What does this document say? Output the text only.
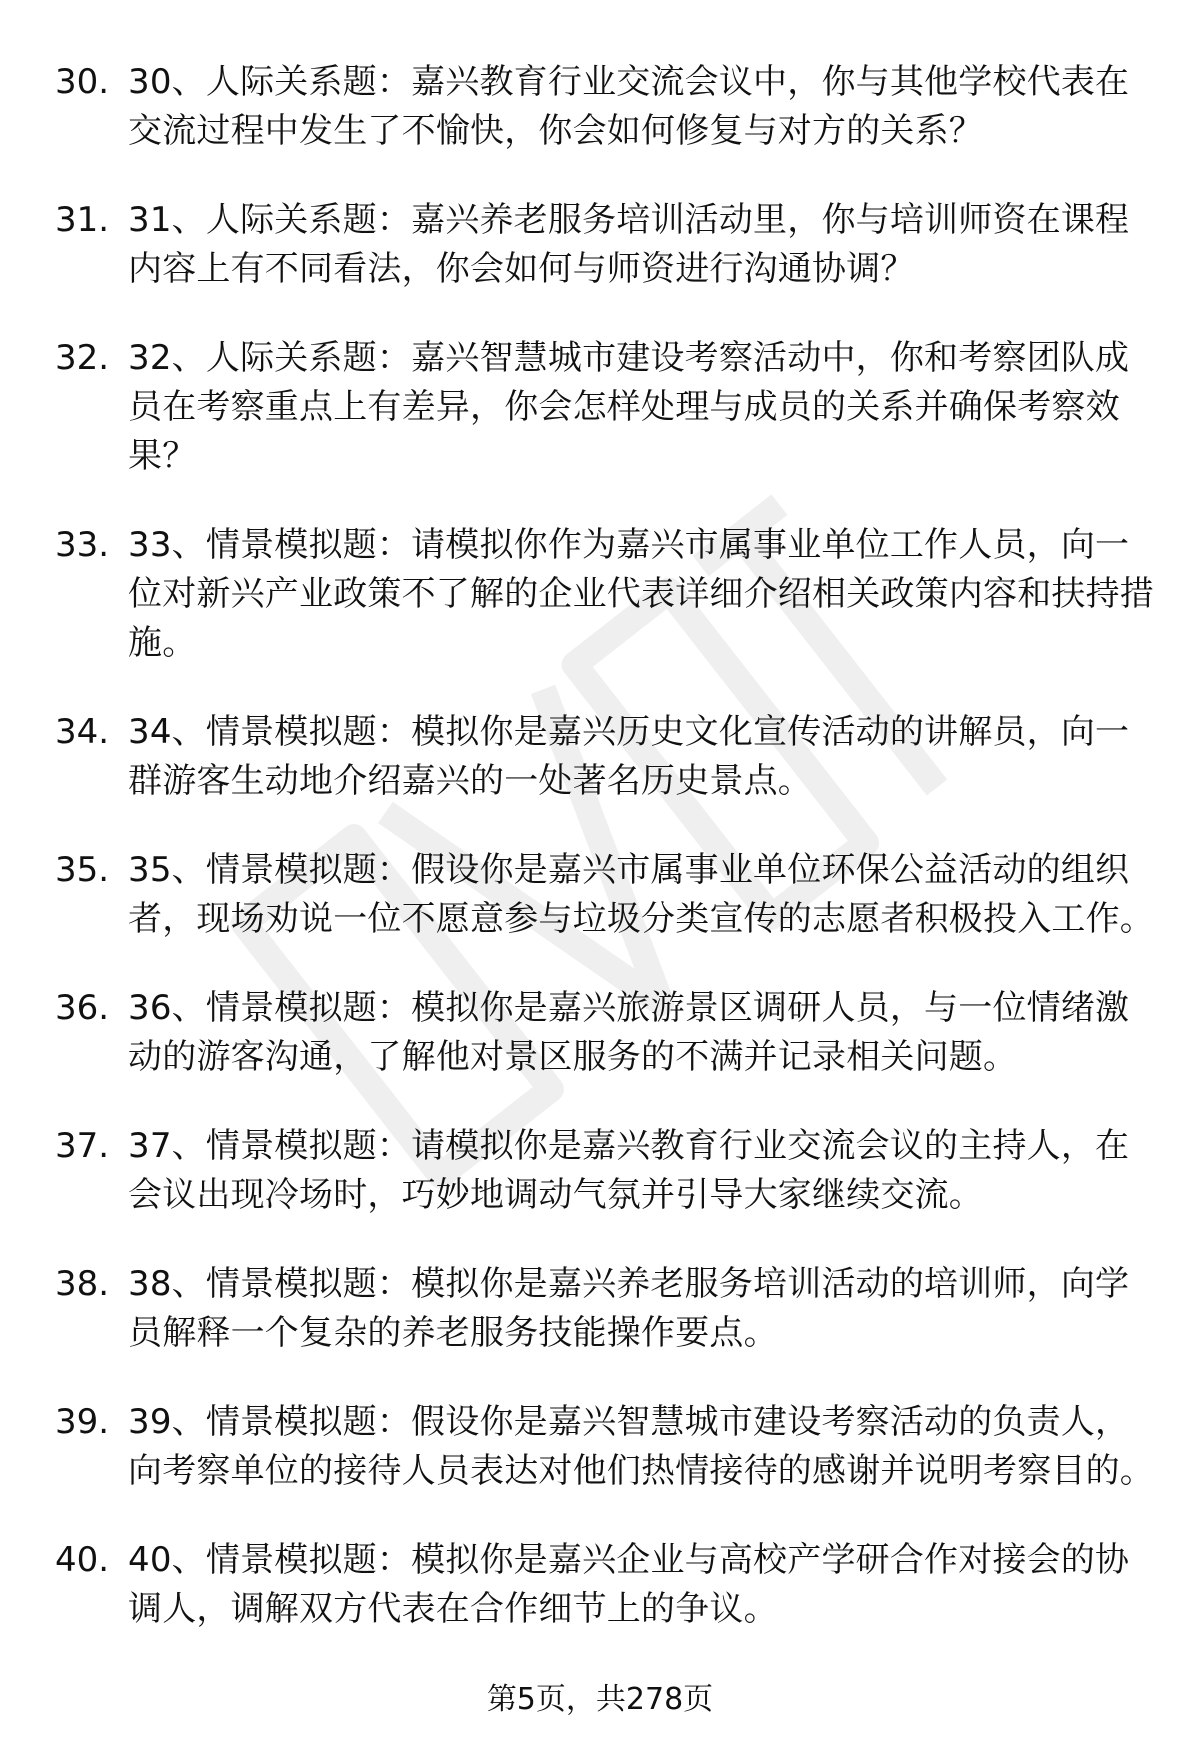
30. 30、人际关系题：嘉兴教育行业交流会议中，你与其他学校代表在交流过程中发生了不愉快，你会如何修复与对方的关系？
31. 31、人际关系题：嘉兴养老服务培训活动里，你与培训师资在课程内容上有不同看法，你会如何与师资进行沟通协调？
32. 32、人际关系题：嘉兴智慧城市建设考察活动中，你和考察团队成员在考察重点上有差异，你会怎样处理与成员的关系并确保考察效果？
33. 33、情景模拟题：请模拟你作为嘉兴市属事业单位工作人员，向一位对新兴产业政策不了解的企业代表详细介绍相关政策内容和扶持措施。
34. 34、情景模拟题：模拟你是嘉兴历史文化宣传活动的讲解员，向一群游客生动地介绍嘉兴的一处著名历史景点。
35. 35、情景模拟题：假设你是嘉兴市属事业单位环保公益活动的组织者，现场劝说一位不愿意参与垃圾分类宣传的志愿者积极投入工作。
36. 36、情景模拟题：模拟你是嘉兴旅游景区调研人员，与一位情绪激动的游客沟通，了解他对景区服务的不满并记录相关问题。
37. 37、情景模拟题：请模拟你是嘉兴教育行业交流会议的主持人，在会议出现冷场时，巧妙地调动气氛并引导大家继续交流。
38. 38、情景模拟题：模拟你是嘉兴养老服务培训活动的培训师，向学员解释一个复杂的养老服务技能操作要点。
39. 39、情景模拟题：假设你是嘉兴智慧城市建设考察活动的负责人，向考察单位的接待人员表达对他们热情接待的感谢并说明考察目的。
40. 40、情景模拟题：模拟你是嘉兴企业与高校产学研合作对接会的协调人，调解双方代表在合作细节上的争议。
第5页，共278页
